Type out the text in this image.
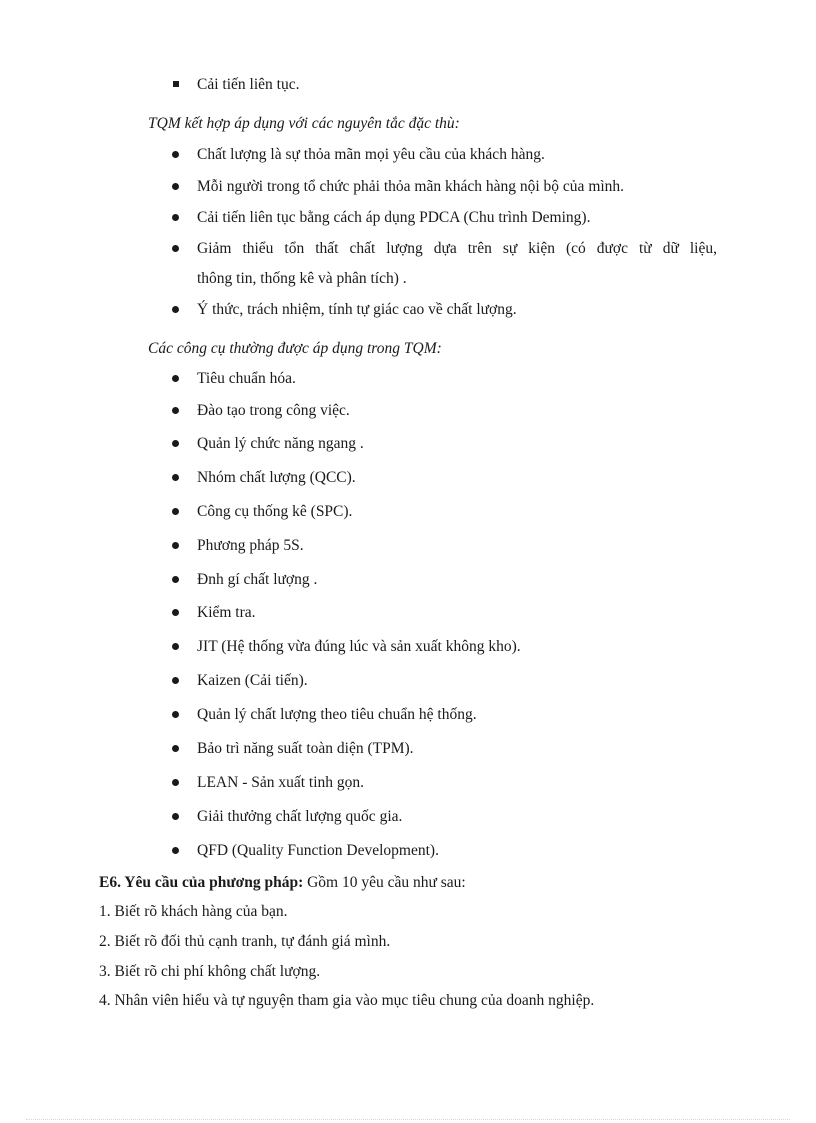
Cải tiến liên tục.
TQM kết hợp áp dụng với các nguyên tắc đặc thù:
Chất lượng là sự thỏa mãn mọi yêu cầu của khách hàng.
Mỗi người trong tổ chức phải thỏa mãn khách hàng nội bộ của mình.
Cải tiến liên tục bằng cách áp dụng PDCA (Chu trình Deming).
Giảm thiểu tổn thất chất lượng dựa trên sự kiện (có được từ dữ liệu,
thông tin, thống kê và phân tích) .
Ý thức, trách nhiệm, tính tự giác cao về chất lượng.
Các công cụ thường được áp dụng trong TQM:
Tiêu chuẩn hóa.
Đào tạo trong công việc.
Quản lý chức năng ngang .
Nhóm chất lượng (QCC).
Công cụ thống kê (SPC).
Phương pháp 5S.
Đnh gí chất lượng .
Kiểm tra.
JIT (Hệ thống vừa đúng lúc và sản xuất không kho).
Kaizen (Cải tiến).
Quản lý chất lượng theo tiêu chuẩn hệ thống.
Bảo trì năng suất toàn diện (TPM).
LEAN - Sản xuất tinh gọn.
Giải thưởng chất lượng quốc gia.
QFD (Quality Function Development).
E6. Yêu cầu của phương pháp: Gồm 10 yêu cầu như sau:
1. Biết rõ khách hàng của bạn.
2. Biết rõ đối thủ cạnh tranh, tự đánh giá mình.
3. Biết rõ chi phí không chất lượng.
4. Nhân viên hiểu và tự nguyện tham gia vào mục tiêu chung của doanh nghiệp.
